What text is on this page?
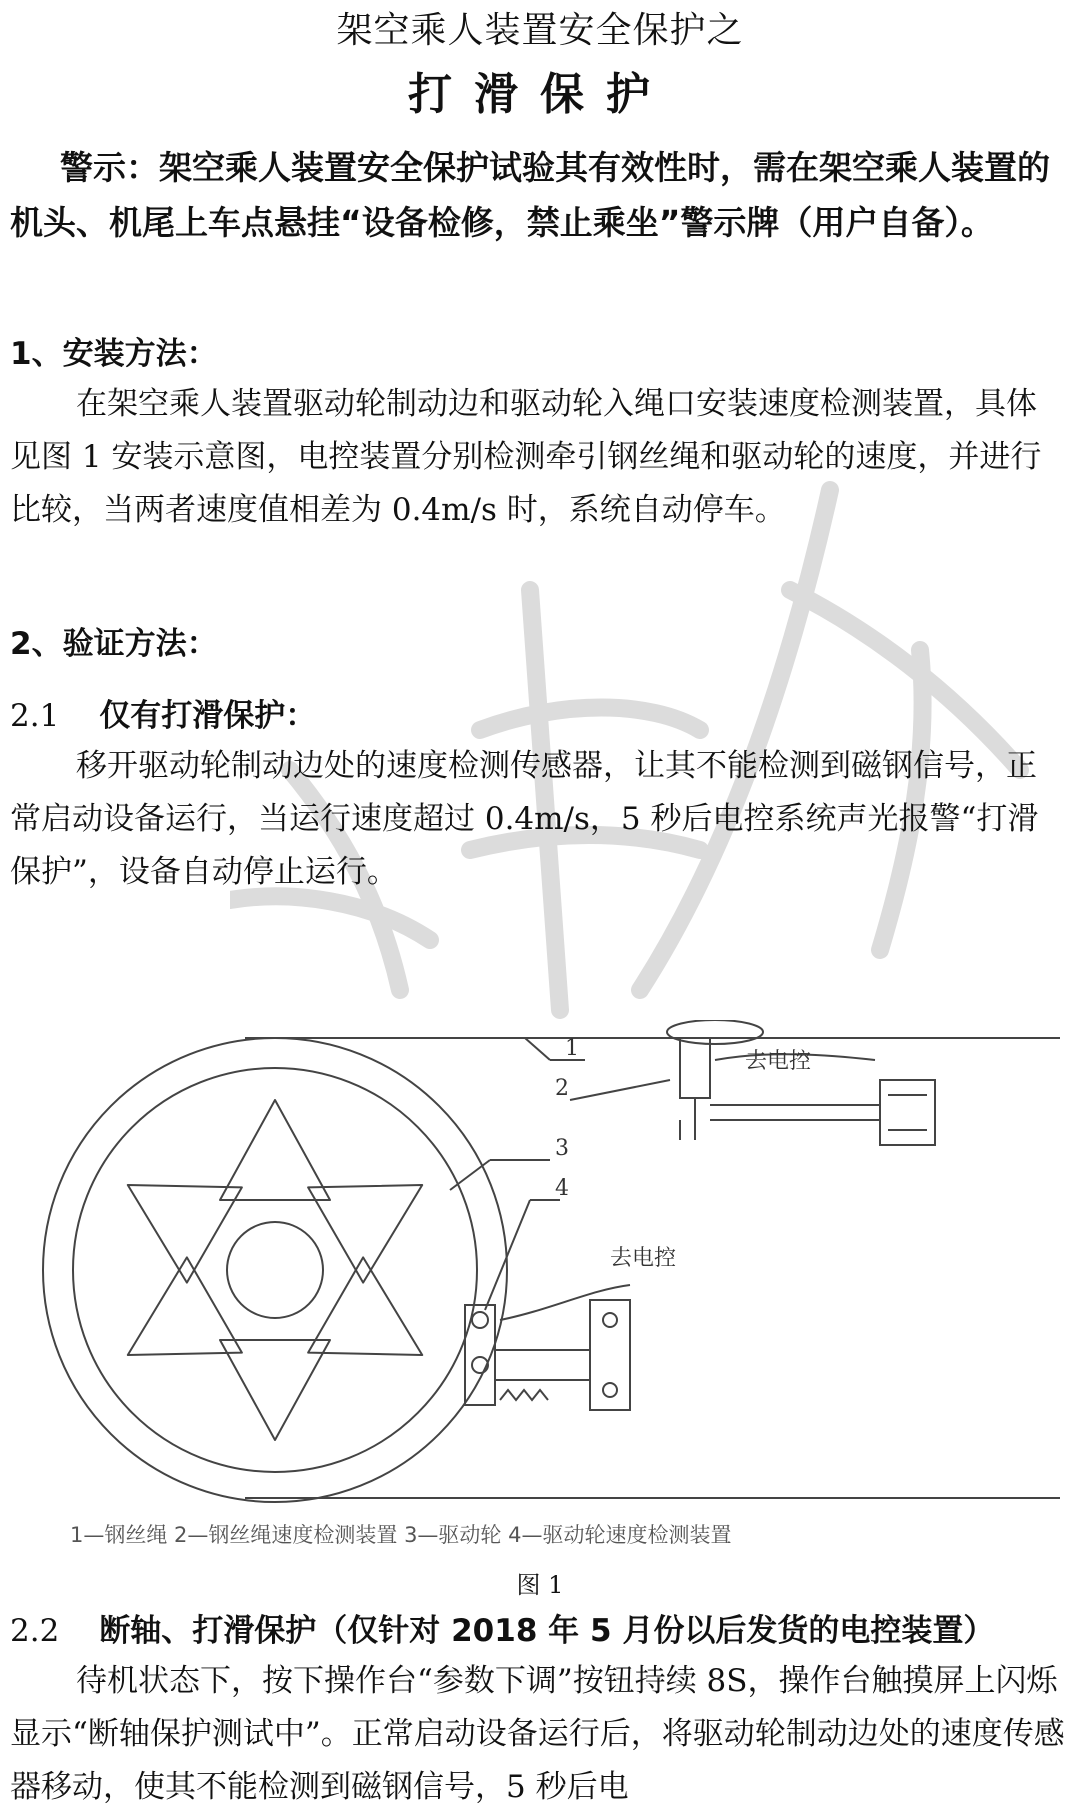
架空乘人装置安全保护之
打滑保护
警示：架空乘人装置安全保护试验其有效性时，需在架空乘人装置的机头、机尾上车点悬挂“设备检修，禁止乘坐”警示牌（用户自备）。
1、安装方法：
在架空乘人装置驱动轮制动边和驱动轮入绳口安装速度检测装置，具体见图 1 安装示意图，电控装置分别检测牵引钢丝绳和驱动轮的速度，并进行比较，当两者速度值相差为 0.4m/s 时，系统自动停车。
2、验证方法：
2.1 仅有打滑保护：
移开驱动轮制动边处的速度检测传感器，让其不能检测到磁钢信号，正常启动设备运行，当运行速度超过 0.4m/s，5 秒后电控系统声光报警“打滑保护”，设备自动停止运行。
1
2
3
4
去电控
去电控
1—钢丝绳 2—钢丝绳速度检测装置 3—驱动轮 4—驱动轮速度检测装置
图 1
2.2 断轴、打滑保护（仅针对 2018 年 5 月份以后发货的电控装置）
待机状态下，按下操作台“参数下调”按钮持续 8S，操作台触摸屏上闪烁显示“断轴保护测试中”。正常启动设备运行后，将驱动轮制动边处的速度传感器移动，使其不能检测到磁钢信号，5 秒后电
